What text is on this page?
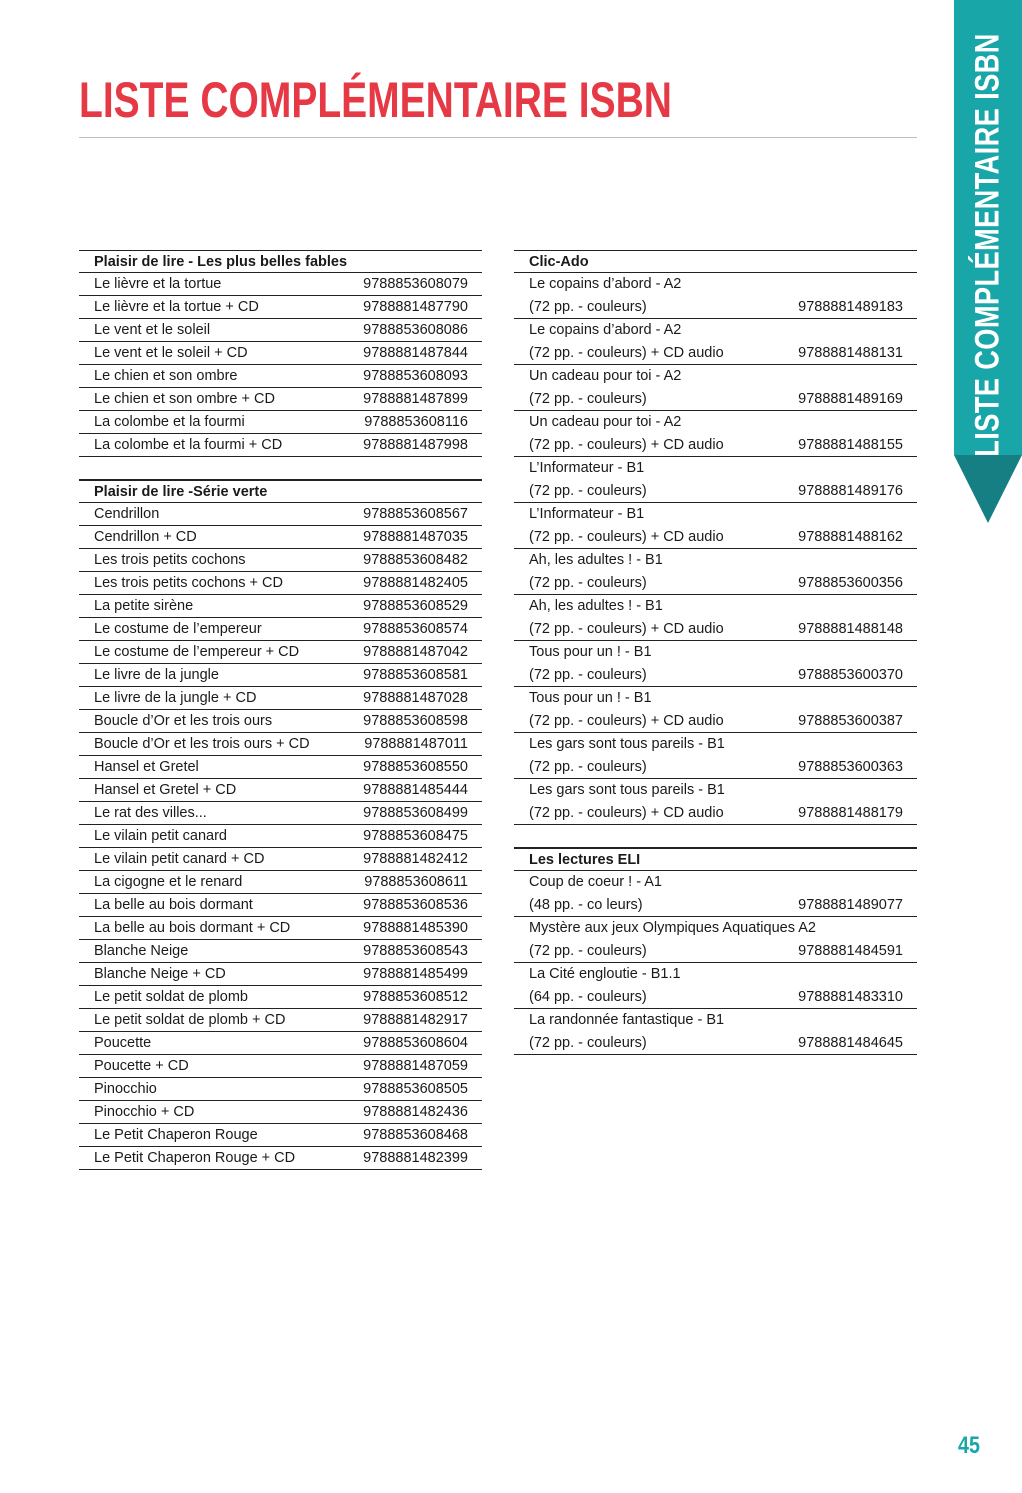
LISTE COMPLÉMENTAIRE ISBN	LISTE COMPLÉMENTAIRE ISBN
Plaisir de lire - Les plus belles fables
Le lièvre et la tortue	9788853608079
Le lièvre et la tortue + CD	9788881487790
Le vent et le soleil	9788853608086
Le vent et le soleil + CD	9788881487844
Le chien et son ombre	9788853608093
Le chien et son ombre + CD	9788881487899
La colombe et la fourmi	9788853608116
La colombe et la fourmi + CD	9788881487998
Plaisir de lire -Série verte
Cendrillon	9788853608567
Cendrillon + CD	9788881487035
Les trois petits cochons	9788853608482
Les trois petits cochons + CD	9788881482405
La petite sirène	9788853608529
Le costume de l’empereur	9788853608574
Le costume de l’empereur + CD	9788881487042
Le livre de la jungle	9788853608581
Le livre de la jungle + CD	9788881487028
Boucle d’Or et les trois ours	9788853608598
Boucle d’Or et les trois ours + CD	9788881487011
Hansel et Gretel	9788853608550
Hansel et Gretel + CD	9788881485444
Le rat des villes...	9788853608499
Le vilain petit canard	9788853608475
Le vilain petit canard + CD	9788881482412
La cigogne et le renard	9788853608611
La belle au bois dormant	9788853608536
La belle au bois dormant + CD	9788881485390
Blanche Neige	9788853608543
Blanche Neige + CD	9788881485499
Le petit soldat de plomb	9788853608512
Le petit soldat de plomb + CD	9788881482917
Poucette	9788853608604
Poucette + CD	9788881487059
Pinocchio	9788853608505
Pinocchio + CD	9788881482436
Le Petit Chaperon Rouge	9788853608468
Le Petit Chaperon Rouge + CD	9788881482399
Clic-Ado
Le copains d’abord - A2
(72 pp. - couleurs)	9788881489183
Le copains d’abord - A2
(72 pp. - couleurs) + CD audio	9788881488131
Un cadeau pour toi - A2
(72 pp. - couleurs)	9788881489169
Un cadeau pour toi - A2
(72 pp. - couleurs) + CD audio	9788881488155
L’Informateur - B1
(72 pp. - couleurs)	9788881489176
L’Informateur - B1
(72 pp. - couleurs) + CD audio	9788881488162
Ah, les adultes ! - B1
(72 pp. - couleurs)	9788853600356
Ah, les adultes ! - B1
(72 pp. - couleurs) + CD audio	9788881488148
Tous pour un ! - B1
(72 pp. - couleurs)	9788853600370
Tous pour un ! - B1
(72 pp. - couleurs) + CD audio	9788853600387
Les gars sont tous pareils - B1
(72 pp. - couleurs)	9788853600363
Les gars sont tous pareils - B1
(72 pp. - couleurs) + CD audio	9788881488179
Les lectures ELI
Coup de coeur ! - A1
(48 pp. - co leurs)	9788881489077
Mystère aux jeux Olympiques Aquatiques A2
(72 pp. - couleurs)	9788881484591
La Cité engloutie - B1.1
(64 pp. - couleurs)	9788881483310
La randonnée fantastique - B1
(72 pp. - couleurs)	9788881484645
45
